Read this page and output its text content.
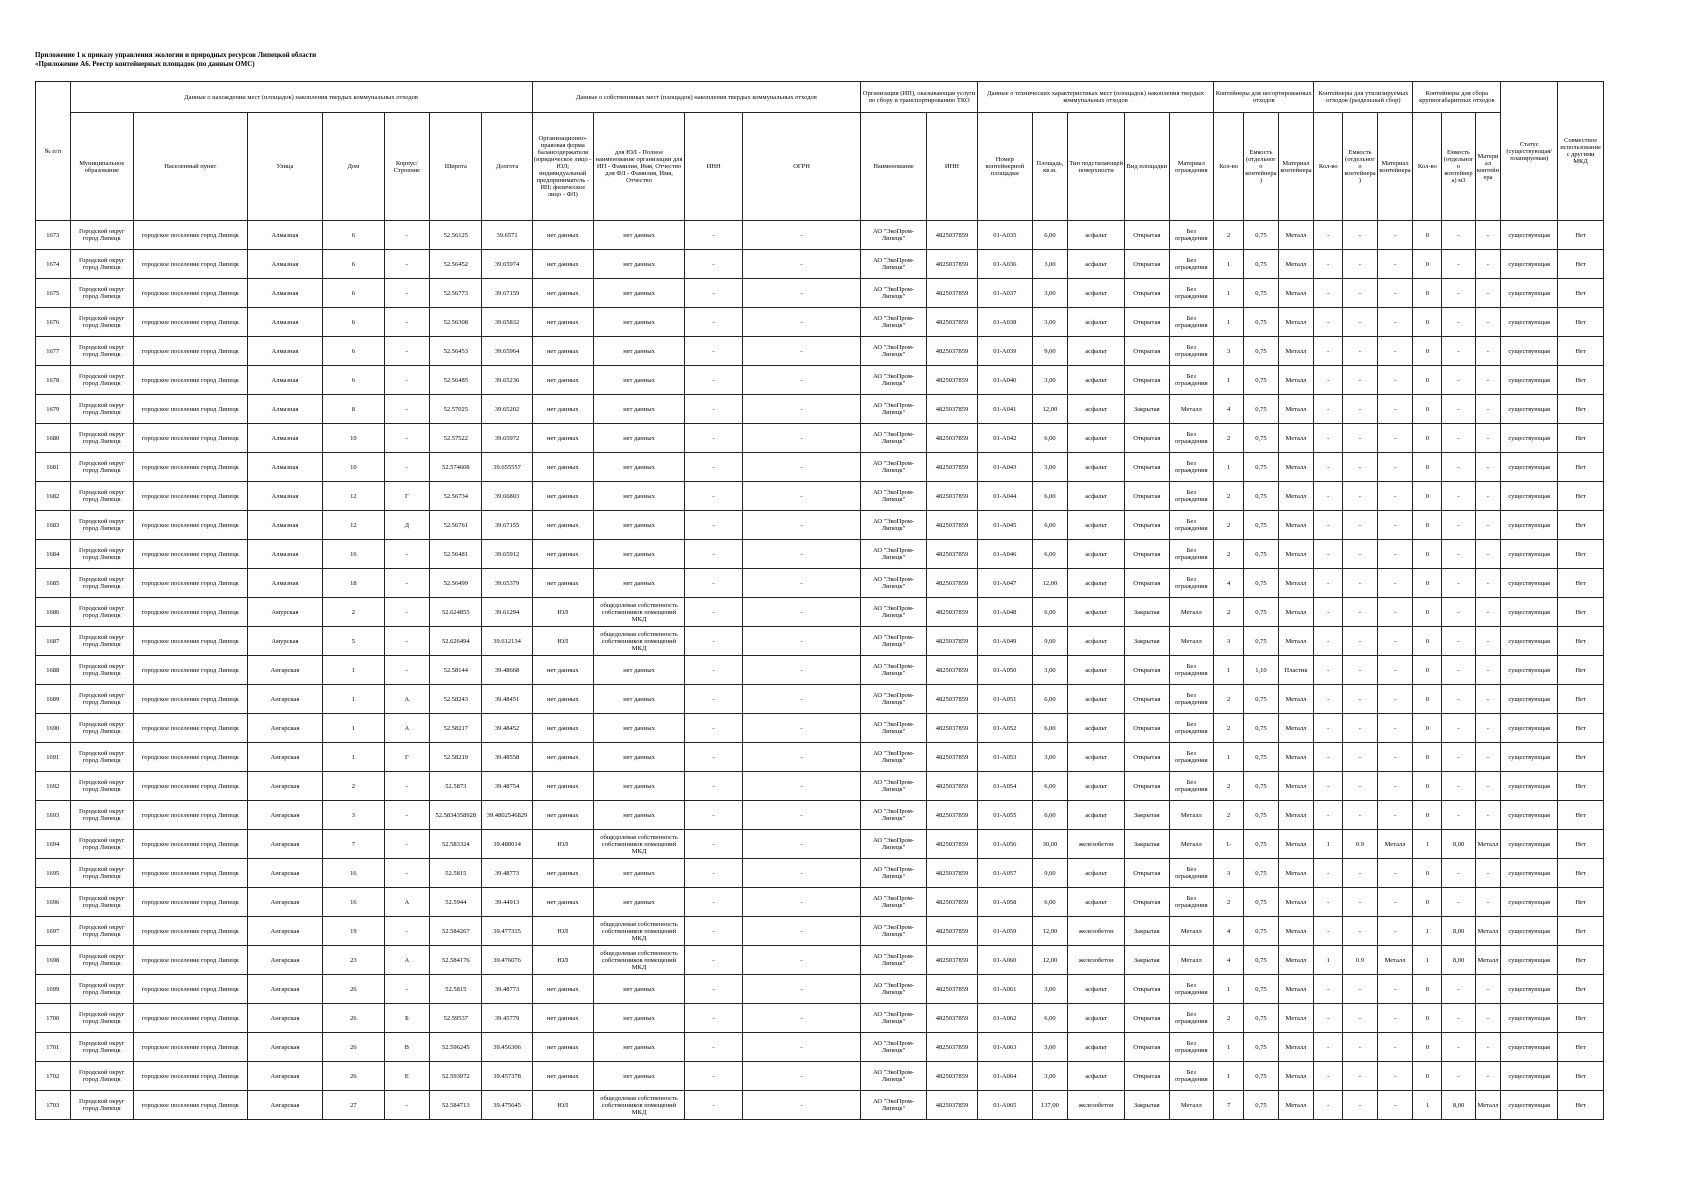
Приложение 1 к приказу управления экологии и природных ресурсов Липецкой области
«Приложение А6. Реестр контейнерных площадок (по данным ОМС)
№ п/п	Данные о нахождении мест (площадок) накопления твердых коммунальных отходов							Данные о собственниках мест (площадок) накопления твердых коммунальных отходов				Организация (ИП), оказывающая услуги по сбору и транспортированию ТКО		Данные о технических характеристиках мест (площадок) накопления твердых коммунальных отходов					Контейнеры для несортированных отходов			Контейнеры для утилизируемых отходов (раздельный сбор)			Контейнеры для сбора крупногабаритных отходов			Статус (существующая/ планируемая)	Совместное использование с другими МКД
	Муниципальное образование	Населенный пункт	Улица	Дом	Корпус/Строение	Широта	Долгота	Организационно-правовая форма балансодержателя (юридическое лицо - ЮЛ; индивидуальный предприниматель - ИП; физическое лицо - ФЛ)	для ЮЛ - Полное наименование организации для ИП - Фамилия, Имя, Отчество для ФЛ - Фамилия, Имя, Отчество	ИНН	ОГРН	Наименование	ИНН	Номер контейнерной площадки	Площадь, кв.м.	Тип подстилающей поверхности	Вид площадки	Материал ограждения	Кол-во	Емкость (отдельного контейнера)	Материал контейнера	Кол-во	Емкость (отдельного контейнера)	Материал контейнера	Кол-во	Емкость (отдельного контейнера) м3	Материал контейнера		

1673	Городской округ город Липецк	городское поселение город Липецк	Алмазная	6	-	52.56125	39.6571	нет данных	нет данных	-	-	АО "ЭкоПром-Липецк"	4825037859	01-А035	6,00	асфальт	Открытая	Без ограждения	2	0,75	Металл	-	-	-	0	-	-	существующая	Нет

1674	Городской округ город Липецк	городское поселение город Липецк	Алмазная	6	-	52.56452	39.65974	нет данных	нет данных	-	-	АО "ЭкоПром-Липецк"	4825037859	01-А036	3,00	асфальт	Открытая	Без ограждения	1	0,75	Металл	-	-	-	0	-	-	существующая	Нет

1675	Городской округ город Липецк	городское поселение город Липецк	Алмазная	6	-	52.56773	39.67159	нет данных	нет данных	-	-	АО "ЭкоПром-Липецк"	4825037859	01-А037	3,00	асфальт	Открытая	Без ограждения	1	0,75	Металл	-	-	-	0	-	-	существующая	Нет

1676	Городской округ город Липецк	городское поселение город Липецк	Алмазная	6	-	52.56308	39.65832	нет данных	нет данных	-	-	АО "ЭкоПром-Липецк"	4825037859	01-А038	3,00	асфальт	Открытая	Без ограждения	1	0,75	Металл	-	-	-	0	-	-	существующая	Нет

1677	Городской округ город Липецк	городское поселение город Липецк	Алмазная	6	-	52.56453	39.65964	нет данных	нет данных	-	-	АО "ЭкоПром-Липецк"	4825037859	01-А039	9,00	асфальт	Открытая	Без ограждения	3	0,75	Металл	-	-	-	0	-	-	существующая	Нет

1678	Городской округ город Липецк	городское поселение город Липецк	Алмазная	6	-	52.56485	39.65236	нет данных	нет данных	-	-	АО "ЭкоПром-Липецк"	4825037859	01-А040	3,00	асфальт	Открытая	Без ограждения	1	0,75	Металл	-	-	-	0	-	-	существующая	Нет

1679	Городской округ город Липецк	городское поселение город Липецк	Алмазная	8	-	52.57025	39.65202	нет данных	нет данных	-	-	АО "ЭкоПром-Липецк"	4825037859	01-А041	12,00	асфальт	Закрытая	Металл	4	0,75	Металл	-	-	-	0	-	-	существующая	Нет

1680	Городской округ город Липецк	городское поселение город Липецк	Алмазная	10	-	52.57522	39.65972	нет данных	нет данных	-	-	АО "ЭкоПром-Липецк"	4825037859	01-А042	6,00	асфальт	Открытая	Без ограждения	2	0,75	Металл	-	-	-	0	-	-	существующая	Нет

1681	Городской округ город Липецк	городское поселение город Липецк	Алмазная	10	-	52.574608	39.655557	нет данных	нет данных	-	-	АО "ЭкоПром-Липецк"	4825037859	01-А043	3,00	асфальт	Открытая	Без ограждения	1	0,75	Металл	-	-	-	0	-	-	существующая	Нет

1682	Городской округ город Липецк	городское поселение город Липецк	Алмазная	12	Г	52.56734	39.66803	нет данных	нет данных	-	-	АО "ЭкоПром-Липецк"	4825037859	01-А044	6,00	асфальт	Открытая	Без ограждения	2	0,75	Металл	-	-	-	0	-	-	существующая	Нет

1683	Городской округ город Липецк	городское поселение город Липецк	Алмазная	12	Д	52.56761	39.67155	нет данных	нет данных	-	-	АО "ЭкоПром-Липецк"	4825037859	01-А045	6,00	асфальт	Открытая	Без ограждения	2	0,75	Металл	-	-	-	0	-	-	существующая	Нет

1684	Городской округ город Липецк	городское поселение город Липецк	Алмазная	16	-	52.56481	39.65912	нет данных	нет данных	-	-	АО "ЭкоПром-Липецк"	4825037859	01-А046	6,00	асфальт	Открытая	Без ограждения	2	0,75	Металл	-	-	-	0	-	-	существующая	Нет

1685	Городской округ город Липецк	городское поселение город Липецк	Алмазная	18	-	52.56499	39.65379	нет данных	нет данных	-	-	АО "ЭкоПром-Липецк"	4825037859	01-А047	12,00	асфальт	Открытая	Без ограждения	4	0,75	Металл	-	-	-	0	-	-	существующая	Нет

1686	Городской округ город Липецк	городское поселение город Липецк	Амурская	2	-	52.624855	39.61294	ЮЛ	общедолевая собственность собственников помещений МКД	-	-	АО "ЭкоПром-Липецк"	4825037859	01-А048	6,00	асфальт	Закрытая	Металл	2	0,75	Металл	-	-	-	0	-	-	существующая	Нет

1687	Городской округ город Липецк	городское поселение город Липецк	Амурская	5	-	52.626494	39.612134	ЮЛ	общедолевая собственность собственников помещений МКД	-	-	АО "ЭкоПром-Липецк"	4825037859	01-А049	9,00	асфальт	Закрытая	Металл	3	0,75	Металл	-	-	-	0	-	-	существующая	Нет

1688	Городской округ город Липецк	городское поселение город Липецк	Ангарская	1	-	52.58144	39.48668	нет данных	нет данных	-	-	АО "ЭкоПром-Липецк"	4825037859	01-А050	3,00	асфальт	Открытая	Без ограждения	1	1,10	Пластик	-	-	-	0	-	-	существующая	Нет

1689	Городской округ город Липецк	городское поселение город Липецк	Ангарская	1	А	52.58243	39.48451	нет данных	нет данных	-	-	АО "ЭкоПром-Липецк"	4825037859	01-А051	6,00	асфальт	Открытая	Без ограждения	2	0,75	Металл	-	-	-	0	-	-	существующая	Нет

1690	Городской округ город Липецк	городское поселение город Липецк	Ангарская	1	А	52.58217	39.48452	нет данных	нет данных	-	-	АО "ЭкоПром-Липецк"	4825037859	01-А052	6,00	асфальт	Открытая	Без ограждения	2	0,75	Металл	-	-	-	0	-	-	существующая	Нет

1691	Городской округ город Липецк	городское поселение город Липецк	Ангарская	1	Г	52.58219	39.48558	нет данных	нет данных	-	-	АО "ЭкоПром-Липецк"	4825037859	01-А053	3,00	асфальт	Открытая	Без ограждения	1	0,75	Металл	-	-	-	0	-	-	существующая	Нет

1692	Городской округ город Липецк	городское поселение город Липецк	Ангарская	2	-	52.5873	39.48754	нет данных	нет данных	-	-	АО "ЭкоПром-Липецк"	4825037859	01-А054	6,00	асфальт	Открытая	Без ограждения	2	0,75	Металл	-	-	-	0	-	-	существующая	Нет

1693	Городской округ город Липецк	городское поселение город Липецк	Ангарская	3	-	52.5834358928	39.4802546829	нет данных	нет данных	-	-	АО "ЭкоПром-Липецк"	4825037859	01-А055	6,00	асфальт	Закрытая	Металл	2	0,75	Металл	-	-	-	0	-	-	существующая	Нет

1694	Городской округ город Липецк	городское поселение город Липецк	Ангарская	7	-	52.583324	39.480014	ЮЛ	общедолевая собственность собственников помещений МКД	-	-	АО "ЭкоПром-Липецк"	4825037859	01-А056	30,00	железобетон	Закрытая	Металл	1-	0,75	Металл	1	0.9	Металл	1	8,00	Металл	существующая	Нет

1695	Городской округ город Липецк	городское поселение город Липецк	Ангарская	16	-	52.5815	39.48773	нет данных	нет данных	-	-	АО "ЭкоПром-Липецк"	4825037859	01-А057	9,00	асфальт	Открытая	Без ограждения	3	0,75	Металл	-	-	-	0	-	-	существующая	Нет

1696	Городской округ город Липецк	городское поселение город Липецк	Ангарская	16	А	52.5944	39.44913	нет данных	нет данных	-	-	АО "ЭкоПром-Липецк"	4825037859	01-А058	6,00	асфальт	Открытая	Без ограждения	2	0,75	Металл	-	-	-	0	-	-	существующая	Нет

1697	Городской округ город Липецк	городское поселение город Липецк	Ангарская	19	-	52.584267	39.477335	ЮЛ	общедолевая собственность собственников помещений МКД	-	-	АО "ЭкоПром-Липецк"	4825037859	01-А059	12,00	железобетон	Закрытая	Металл	4	0,75	Металл	-	-	-	1	8,00	Металл	существующая	Нет

1698	Городской округ город Липецк	городское поселение город Липецк	Ангарская	23	А	52.584176	39.476076	ЮЛ	общедолевая собственность собственников помещений МКД	-	-	АО "ЭкоПром-Липецк"	4825037859	01-А060	12,00	железобетон	Закрытая	Металл	4	0,75	Металл	1	0.9	Металл	1	8,00	Металл	существующая	Нет

1699	Городской округ город Липецк	городское поселение город Липецк	Ангарская	26	-	52.5815	39.48773	нет данных	нет данных	-	-	АО "ЭкоПром-Липецк"	4825037859	01-А061	3,00	асфальт	Открытая	Без ограждения	1	0,75	Металл	-	-	-	0	-	-	существующая	Нет

1700	Городской округ город Липецк	городское поселение город Липецк	Ангарская	26	Б	52.59537	39.45779	нет данных	нет данных	-	-	АО "ЭкоПром-Липецк"	4825037859	01-А062	6,00	асфальт	Открытая	Без ограждения	2	0,75	Металл	-	-	-	0	-	-	существующая	Нет

1701	Городской округ город Липецк	городское поселение город Липецк	Ангарская	26	В	52.596245	39.456306	нет данных	нет данных	-	-	АО "ЭкоПром-Липецк"	4825037859	01-А063	3,00	асфальт	Открытая	Без ограждения	1	0,75	Металл	-	-	-	0	-	-	существующая	Нет

1702	Городской округ город Липецк	городское поселение город Липецк	Ангарская	26	Е	52.593972	39.457378	нет данных	нет данных	-	-	АО "ЭкоПром-Липецк"	4825037859	01-А064	3,00	асфальт	Открытая	Без ограждения	1	0,75	Металл	-	-	-	0	-	-	существующая	Нет

1703	Городской округ город Липецк	городское поселение город Липецк	Ангарская	27	-	52.584713	39.475645	ЮЛ	общедолевая собственность собственников помещений МКД	-	-	АО "ЭкоПром-Липецк"	4825037859	01-А065	137,00	железобетон	Закрытая	Металл	7	0,75	Металл	-	-	-	1	8,00	Металл	существующая	Нет
